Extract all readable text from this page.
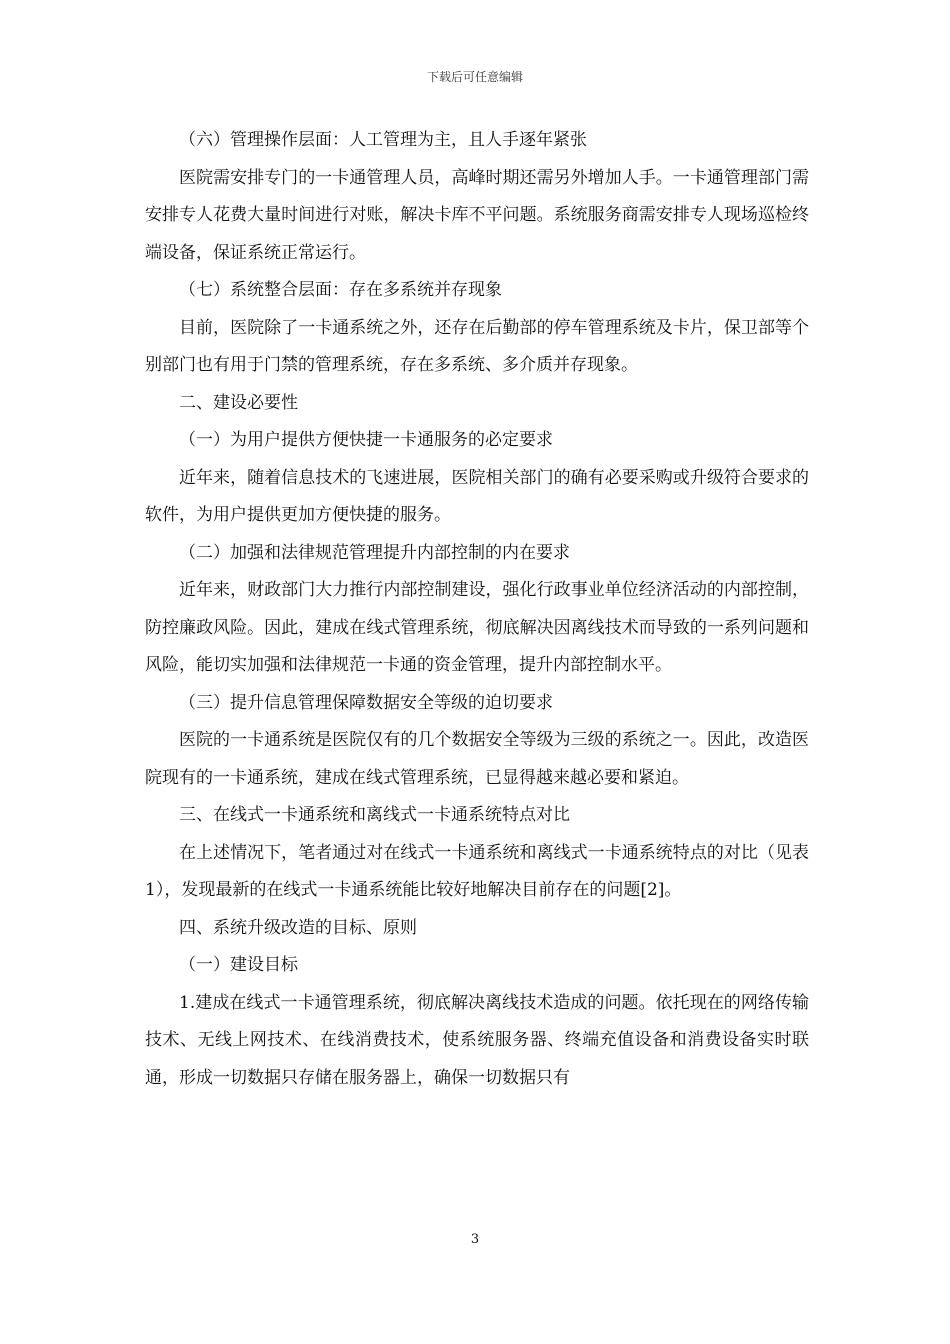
下载后可任意编辑

（六）管理操作层面：人工管理为主，且人手逐年紧张

医院需安排专门的一卡通管理人员，高峰时期还需另外增加人手。一卡通管理部门需安排专人花费大量时间进行对账，解决卡库不平问题。系统服务商需安排专人现场巡检终端设备，保证系统正常运行。

（七）系统整合层面：存在多系统并存现象

目前，医院除了一卡通系统之外，还存在后勤部的停车管理系统及卡片，保卫部等个别部门也有用于门禁的管理系统，存在多系统、多介质并存现象。

二、建设必要性

（一）为用户提供方便快捷一卡通服务的必定要求

近年来，随着信息技术的飞速进展，医院相关部门的确有必要采购或升级符合要求的软件，为用户提供更加方便快捷的服务。

（二）加强和法律规范管理提升内部控制的内在要求

近年来，财政部门大力推行内部控制建设，强化行政事业单位经济活动的内部控制，防控廉政风险。因此，建成在线式管理系统，彻底解决因离线技术而导致的一系列问题和风险，能切实加强和法律规范一卡通的资金管理，提升内部控制水平。

（三）提升信息管理保障数据安全等级的迫切要求

医院的一卡通系统是医院仅有的几个数据安全等级为三级的系统之一。因此，改造医院现有的一卡通系统，建成在线式管理系统，已显得越来越必要和紧迫。

三、在线式一卡通系统和离线式一卡通系统特点对比

在上述情况下，笔者通过对在线式一卡通系统和离线式一卡通系统特点的对比（见表1），发现最新的在线式一卡通系统能比较好地解决目前存在的问题[2]。

四、系统升级改造的目标、原则

（一）建设目标

1.建成在线式一卡通管理系统，彻底解决离线技术造成的问题。依托现在的网络传输技术、无线上网技术、在线消费技术，使系统服务器、终端充值设备和消费设备实时联通，形成一切数据只存储在服务器上，确保一切数据只有

3
